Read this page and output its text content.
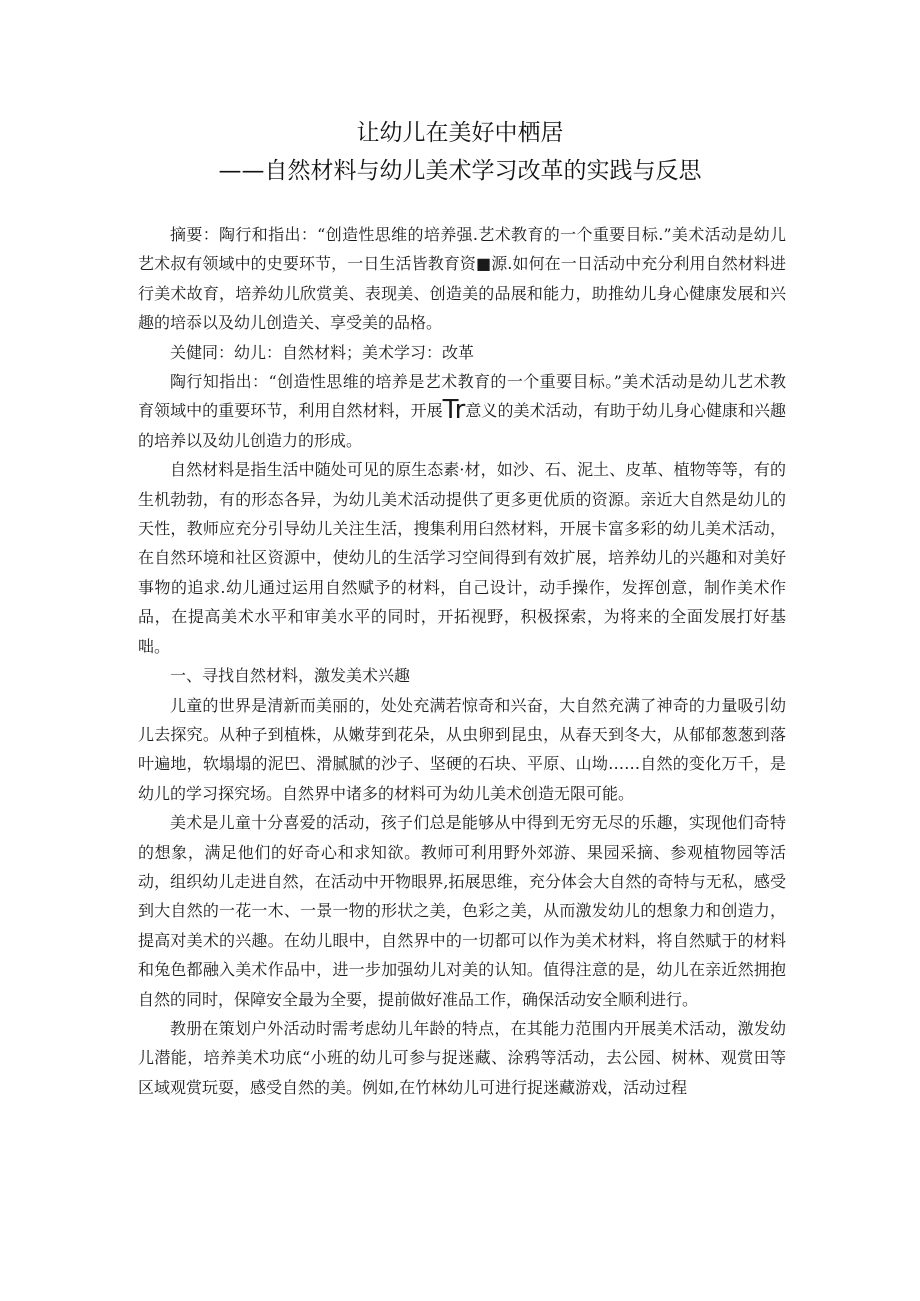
让幼儿在美好中栖居
——自然材料与幼儿美术学习改革的实践与反思

摘要：陶行和指出：“创造性思维的培养强.艺术教育的一个重要目标.”美术活动是幼儿艺术叔有领域中的史要环节，一日生活皆教育资■源.如何在一日活动中充分利用自然材料进行美术故育，培养幼儿欣赏美、表现美、创造美的品展和能力，助推幼儿身心健康发展和兴趣的培忝以及幼儿创造关、享受美的品格。

关健同：幼儿：自然材料；美术学习：改革

陶行知指出：“创造性思维的培养是艺术教育的一个重要目标。”美术活动是幼儿艺术教育领域中的重要环节，利用自然材料，开展Tr意义的美术活动，有助于幼儿身心健康和兴趣的培养以及幼儿创造力的形成。

自然材料是指生活中随处可见的原生态素·材，如沙、石、泥土、皮革、植物等等，有的生机勃勃，有的形态各异，为幼儿美术活动提供了更多更优质的资源。亲近大自然是幼儿的天性，教师应充分引导幼儿关注生活，搜集利用臼然材料，开展卡富多彩的幼儿美术活动，在自然环境和社区资源中，使幼儿的生活学习空间得到有效扩展，培养幼儿的兴趣和对美好事物的追求.幼儿通过运用自然赋予的材料，自己设计，动手操作，发挥创意，制作美术作品，在提高美术水平和审美水平的同时，开拓视野，积极探索，为将来的全面发展打好基咄。

一、寻找自然材料，激发美术兴趣

儿童的世界是清新而美丽的，处处充满若惊奇和兴奋，大自然充满了神奇的力量吸引幼儿去探究。从种子到植株，从嫩芽到花朵，从虫卵到昆虫，从春天到冬大，从郁郁葱葱到落叶遍地，软塌塌的泥巴、滑腻腻的沙子、坚硬的石块、平原、山坳……自然的变化万千，是幼儿的学习探究场。自然界中诸多的材料可为幼儿美术创造无限可能。

美术是儿童十分喜爱的活动，孩子们总是能够从中得到无穷无尽的乐趣，实现他们奇特的想象，满足他们的好奇心和求知欲。教师可利用野外郊游、果园采摘、参观植物园等活动，组织幼儿走进自然，在活动中开物眼界,拓展思维，充分体会大自然的奇特与无私，感受到大自然的一花一木、一景一物的形状之美，色彩之美，从而激发幼儿的想象力和创造力，提高对美术的兴趣。在幼儿眼中，自然界中的一切都可以作为美术材料，将自然赋于的材料和兔色都融入美术作品中，进一步加强幼儿对美的认知。值得注意的是，幼儿在亲近然拥抱自然的同时，保障安全最为全要，提前做好准品工作，确保活动安全顺利进行。

教册在策划户外活动时需考虑幼儿年龄的特点，在其能力范围内开展美术活动，激发幼儿潜能，培养美术功底“小班的幼儿可参与捉迷藏、涂鸦等活动，去公园、树林、观赏田等区域观赏玩耍，感受自然的美。例如,在竹林幼儿可进行捉迷藏游戏，活动过程
